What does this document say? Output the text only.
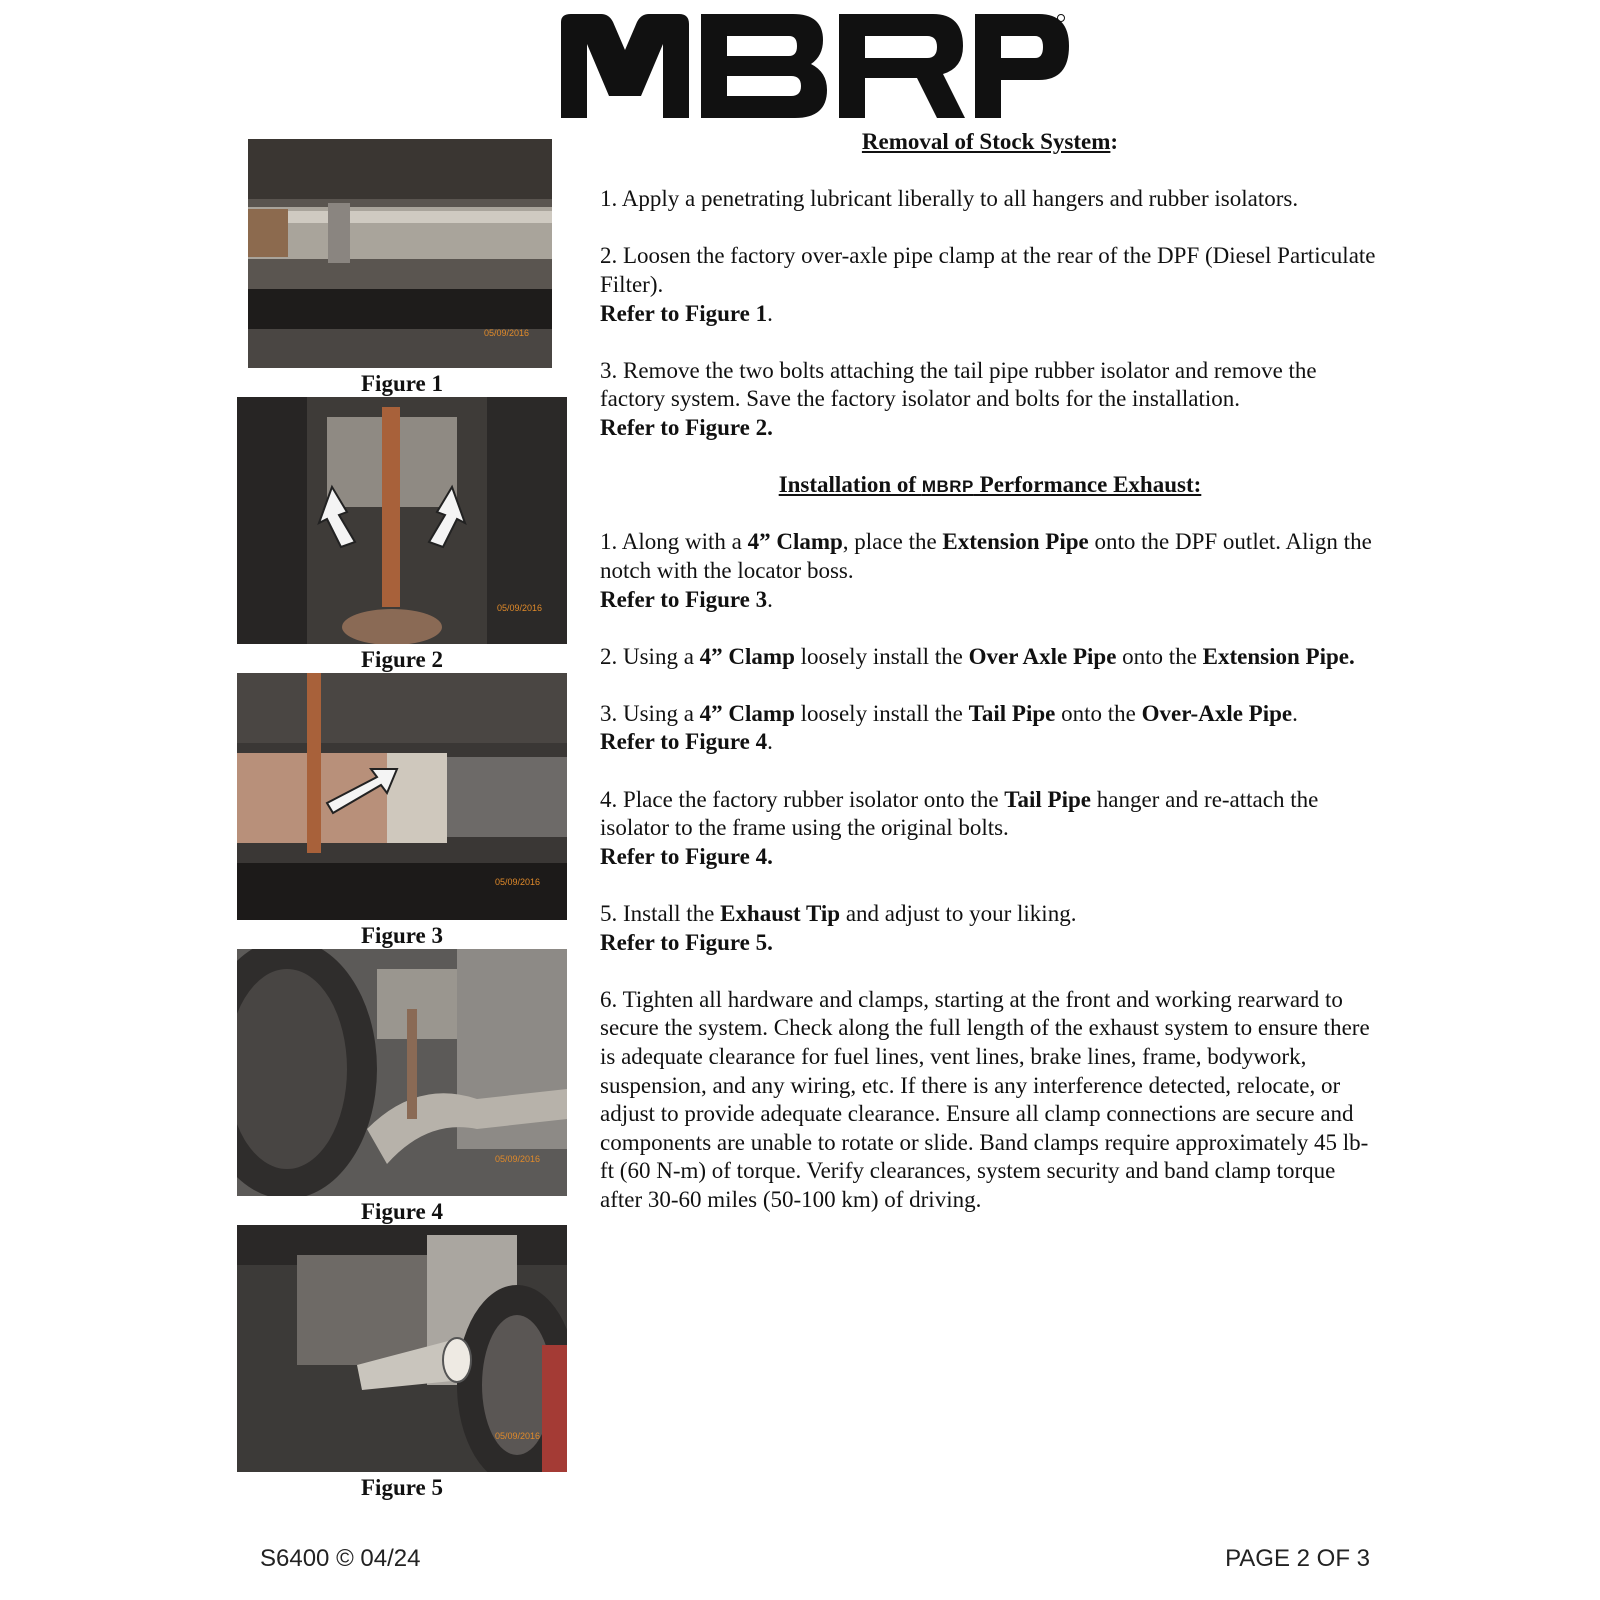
05/09/2016
Figure 1
05/09/2016
Figure 2
05/09/2016
Figure 3
05/09/2016
Figure 4
05/09/2016
Figure 5
Removal of Stock System:

1. Apply a penetrating lubricant liberally to all hangers and rubber isolators.

2. Loosen the factory over-axle pipe clamp at the rear of the DPF (Diesel Particulate Filter).

Refer to Figure 1.

3. Remove the two bolts attaching the tail pipe rubber isolator and remove the factory system. Save the factory isolator and bolts for the installation.

Refer to Figure 2.

Installation of MBRP Performance Exhaust:

1. Along with a 4” Clamp, place the Extension Pipe onto the DPF outlet. Align the notch with the locator boss.

Refer to Figure 3.

2. Using a 4” Clamp loosely install the Over Axle Pipe onto the Extension Pipe.

3. Using a 4” Clamp loosely install the Tail Pipe onto the Over-Axle Pipe.

Refer to Figure 4.

4. Place the factory rubber isolator onto the Tail Pipe hanger and re-attach the isolator to the frame using the original bolts.

Refer to Figure 4.

5. Install the Exhaust Tip and adjust to your liking.

Refer to Figure 5.

6. Tighten all hardware and clamps, starting at the front and working rearward to secure the system. Check along the full length of the exhaust system to ensure there is adequate clearance for fuel lines, vent lines, brake lines, frame, bodywork, suspension, and any wiring, etc. If there is any interference detected, relocate, or adjust to provide adequate clearance. Ensure all clamp connections are secure and components are unable to rotate or slide. Band clamps require approximately 45 lb-ft (60 N-m) of torque. Verify clearances, system security and band clamp torque after 30-60 miles (50-100 km) of driving.

S6400 © 04/24	PAGE 2 OF 3
